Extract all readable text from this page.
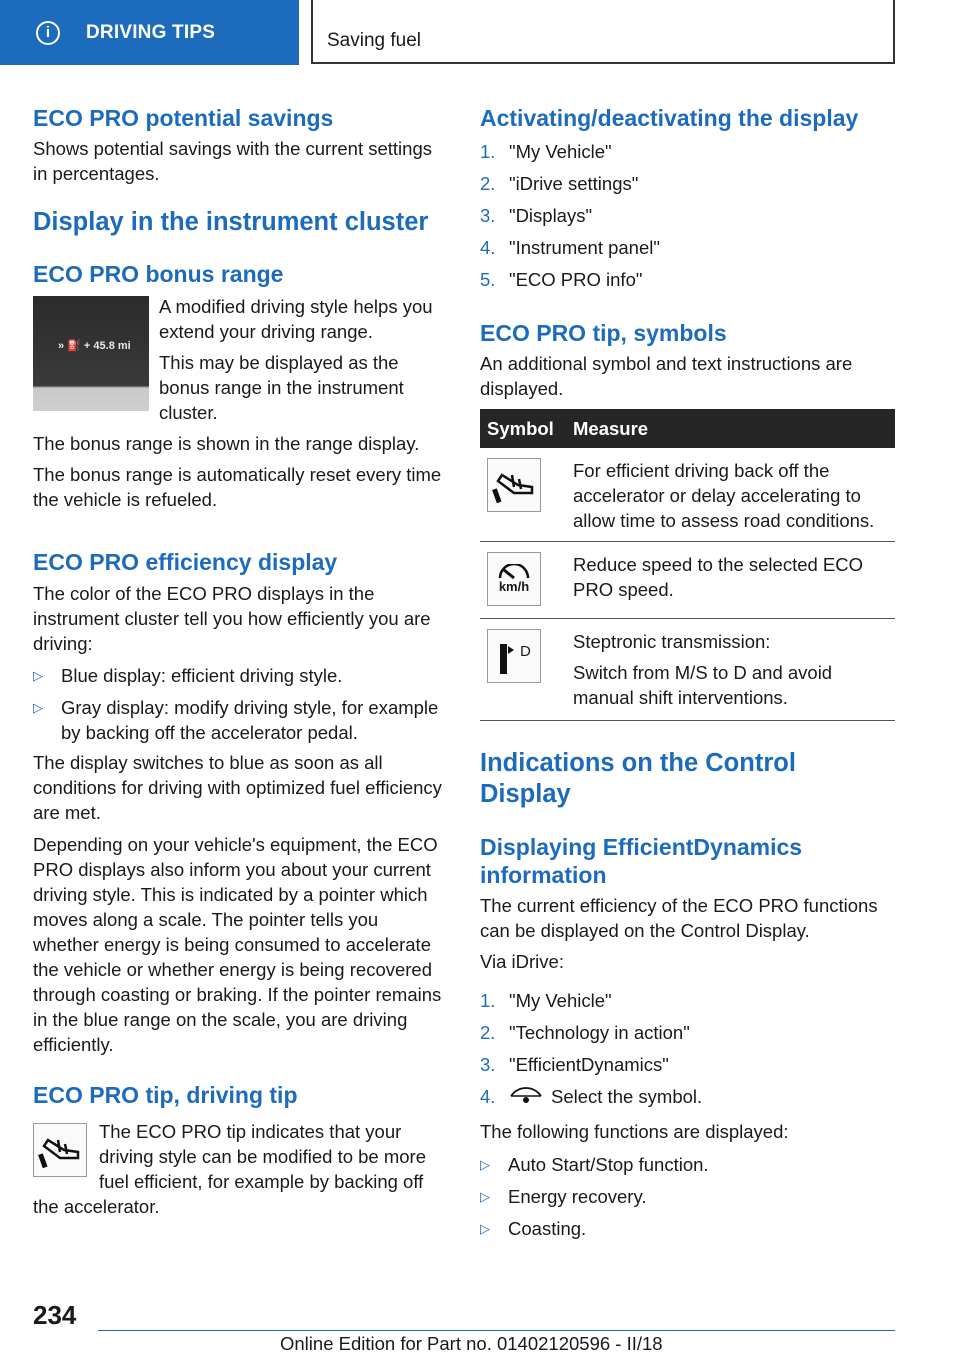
i	DRIVING TIPS	Saving fuel
ECO PRO potential savings

Shows potential savings with the current settings in percentages.

Display in the instrument cluster
ECO PRO bonus range
» ⛽ + 45.8 mi

A modified driving style helps you extend your driving range.

This may be displayed as the bonus range in the instrument cluster.

The bonus range is shown in the range display.

The bonus range is automatically reset every time the vehicle is refueled.

ECO PRO efficiency display

The color of the ECO PRO displays in the instrument cluster tell you how efficiently you are driving:

▷ Blue display: efficient driving style.
▷ Gray display: modify driving style, for example by backing off the accelerator pedal.

The display switches to blue as soon as all conditions for driving with optimized fuel efficiency are met.

Depending on your vehicle's equipment, the ECO PRO displays also inform you about your current driving style. This is indicated by a pointer which moves along a scale. The pointer tells you whether energy is being consumed to accelerate the vehicle or whether energy is being recovered through coasting or braking. If the pointer remains in the blue range on the scale, you are driving efficiently.

ECO PRO tip, driving tip

The ECO PRO tip indicates that your driving style can be modified to be more fuel efficient, for example by backing off the accelerator.

Activating/deactivating the display
1. "My Vehicle"
2. "iDrive settings"
3. "Displays"
4. "Instrument panel"
5. "ECO PRO info"
ECO PRO tip, symbols

An additional symbol and text instructions are displayed.

Symbol	Measure

	For efficient driving back off the accelerator or delay accelerating to allow time to assess road conditions.

km/h	Reduce speed to the selected ECO PRO speed.

D	Steptronic transmission:
Switch from M/S to D and avoid manual shift interventions.
Indications on the Control Display
Displaying EfficientDynamics information

The current efficiency of the ECO PRO functions can be displayed on the Control Display.

Via iDrive:

1. "My Vehicle"
2. "Technology in action"
3. "EfficientDynamics"
4.	Select the symbol.

The following functions are displayed:

▷ Auto Start/Stop function.
▷ Energy recovery.
▷ Coasting.
234
Online Edition for Part no. 01402120596 - II/18
